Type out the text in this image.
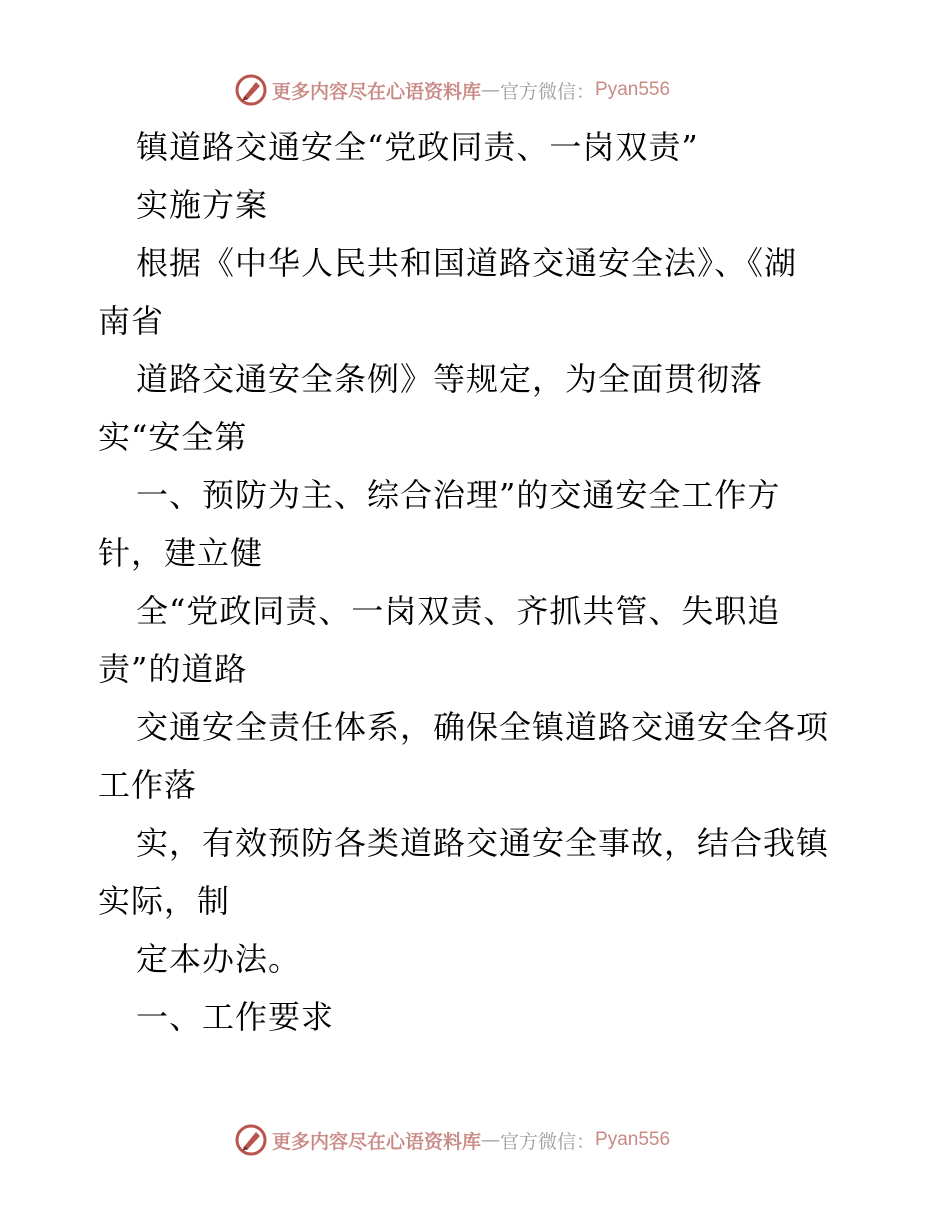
更多内容尽在心语资料库 — 官方微信： Pyan556
镇道路交通安全“党政同责、一岗双责”
实施方案
根据《中华人民共和国道路交通安全法》、《湖
南省
道路交通安全条例》等规定，为全面贯彻落
实“安全第
一、预防为主、综合治理”的交通安全工作方
针，建立健
全“党政同责、一岗双责、齐抓共管、失职追
责”的道路
交通安全责任体系，确保全镇道路交通安全各项
工作落
实，有效预防各类道路交通安全事故，结合我镇
实际，制
定本办法。
一、工作要求
更多内容尽在心语资料库 — 官方微信： Pyan556
